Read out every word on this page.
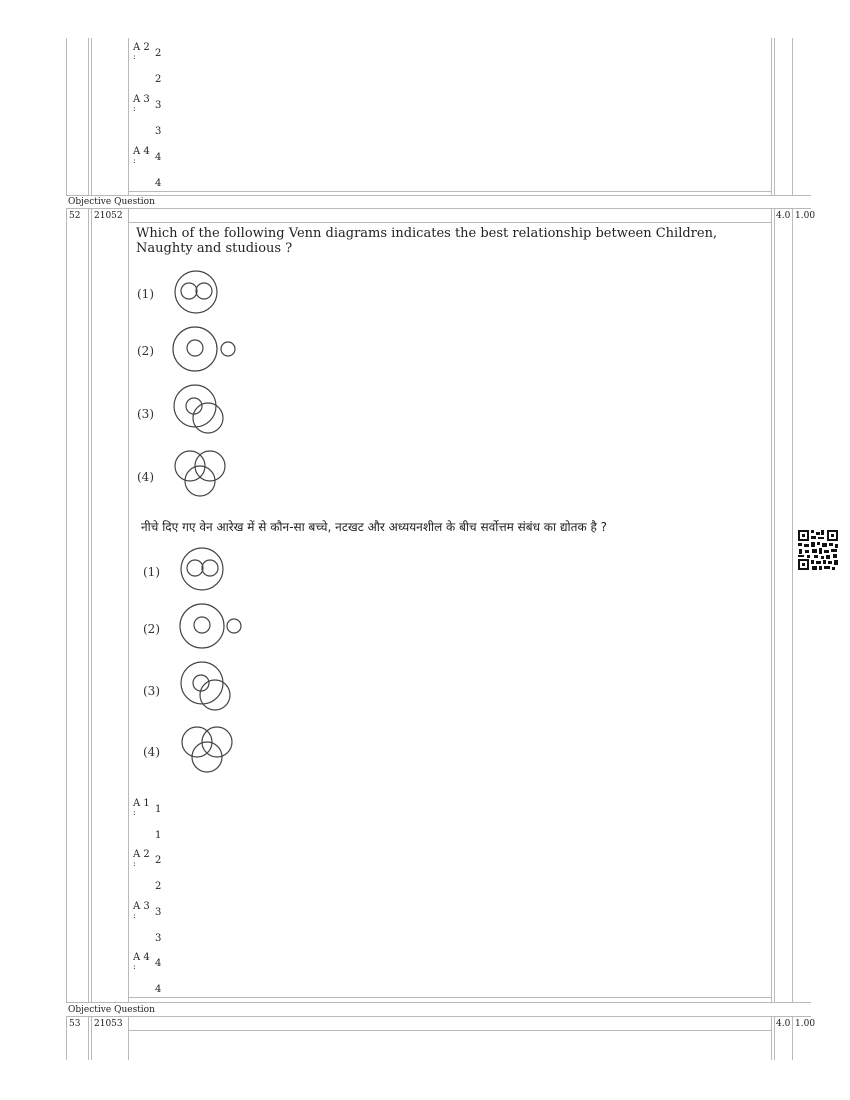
A 2
:	2
2
A 3
:	3
3
A 4
:	4
4
Objective Question
52 21052	4.0 1.00
Which of the following Venn diagrams indicates the best relationship between Children, Naughty and studious ?
(1)
(2)
(3)
(4)
नीचे दिए गए वेन आरेख में से कौन-सा बच्चे, नटखट और अध्ययनशील के बीच सर्वोत्तम संबंध का द्योतक है ?
(1)
(2)
(3)
(4)
A 1
:	1
1
A 2
:	2
2
A 3
:	3
3
A 4
:	4
4
Objective Question
53 21053	4.0 1.00
